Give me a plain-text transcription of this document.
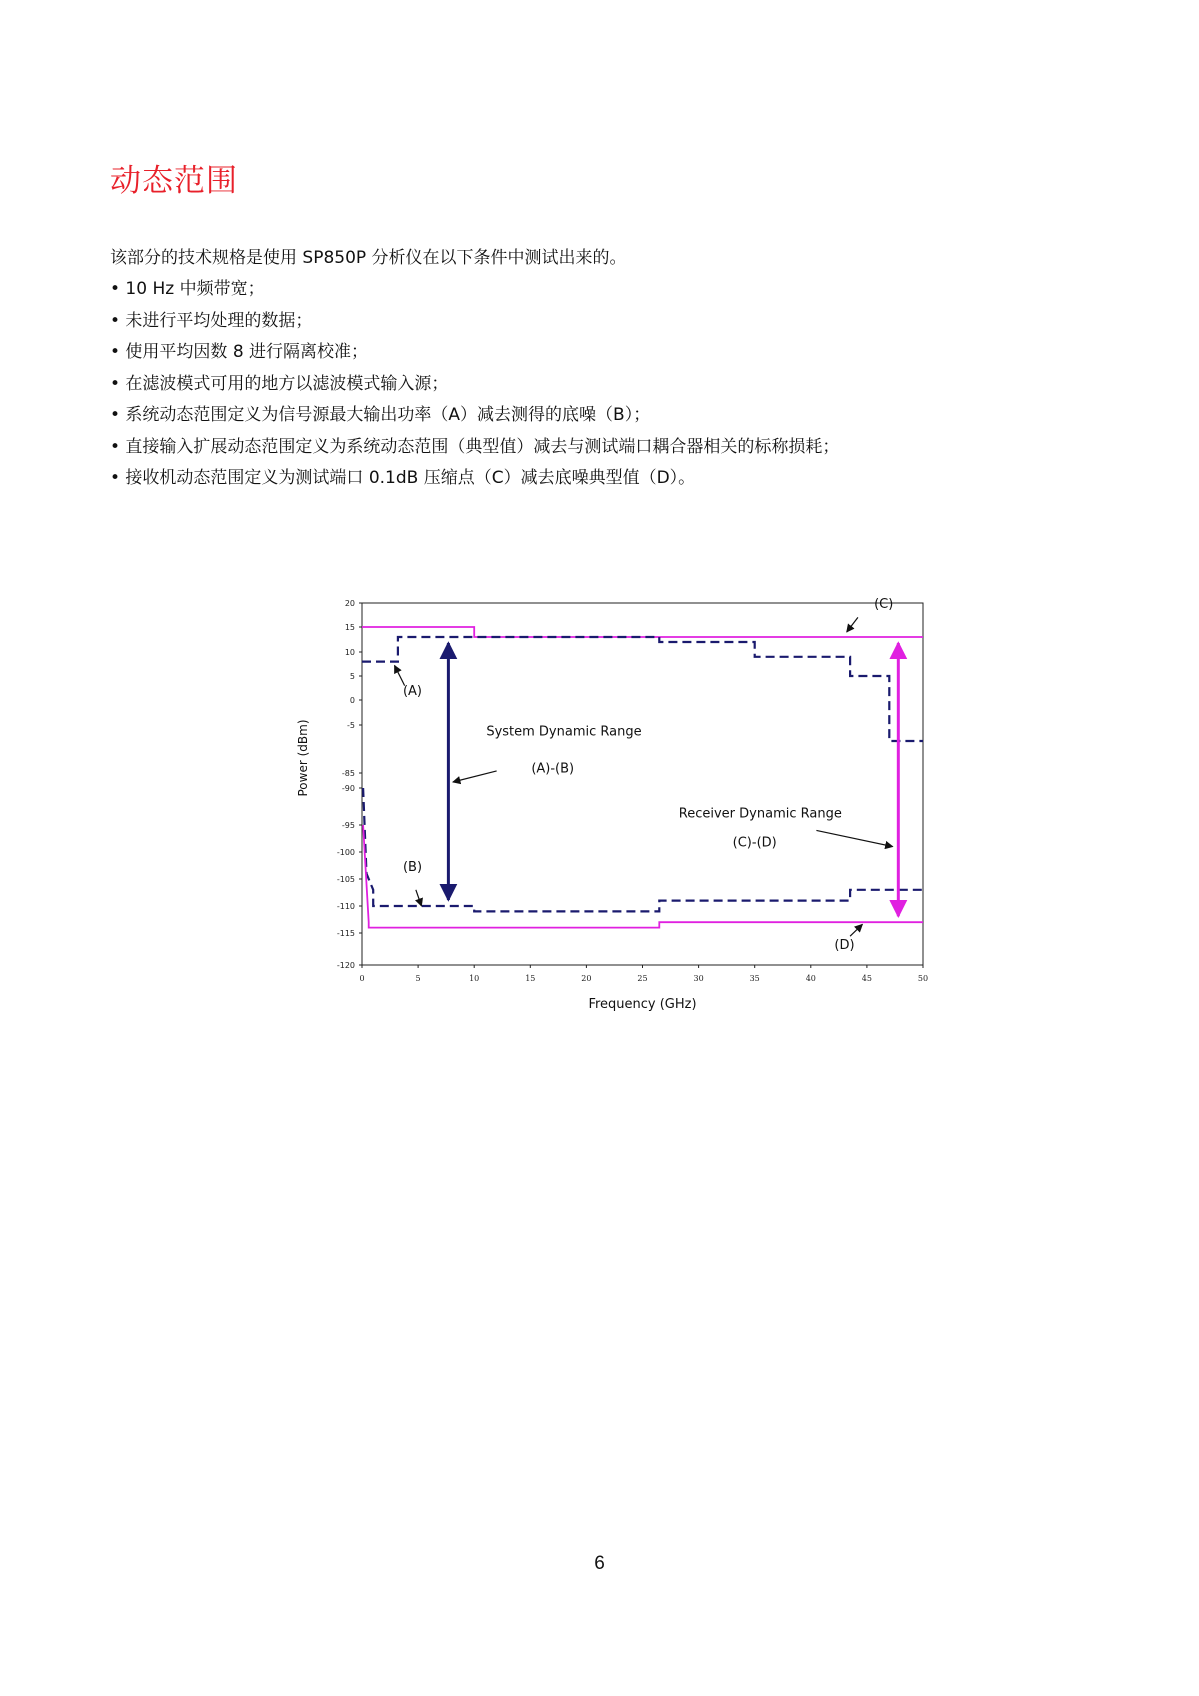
动态范围

该部分的技术规格是使用 SP850P 分析仪在以下条件中测试出来的。

• 10 Hz 中频带宽；
• 未进行平均处理的数据；
• 使用平均因数 8 进行隔离校准；
• 在滤波模式可用的地方以滤波模式输入源；
• 系统动态范围定义为信号源最大输出功率（A）减去测得的底噪（B）；
• 直接输入扩展动态范围定义为系统动态范围（典型值）减去与测试端口耦合器相关的标称损耗；
• 接收机动态范围定义为测试端口 0.1dB 压缩点（C）减去底噪典型值（D）。
20
15
10
5
0
-5
-85
-90
-95
-100
-105
-110
-115
-120
0	5	10	15	20	25	30	35	40	45	50
Frequency (GHz)
Power (dBm)
(A)
(B)
(C)
(D)
System Dynamic Range
(A)-(B)
Receiver Dynamic Range
(C)-(D)
6
